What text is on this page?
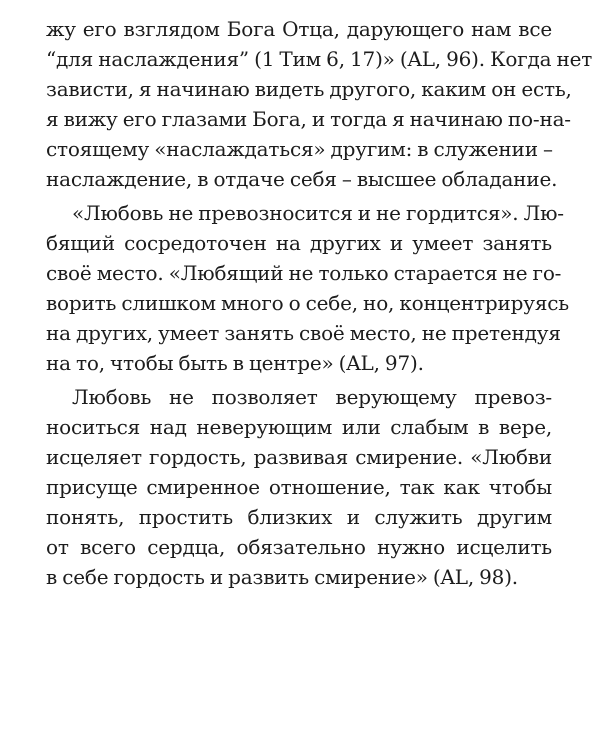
жу его взглядом Бога Отца, дарующего нам все
“для наслаждения” (1 Тим 6, 17)» (AL, 96). Когда нет
зависти, я начинаю видеть другого, каким он есть,
я вижу его глазами Бога, и тогда я начинаю по-на-
стоящему «наслаждаться» другим: в служении –
наслаждение, в отдаче себя – высшее обладание.
«Любовь не превозносится и не гордится». Лю-
бящий сосредоточен на других и умеет занять
своё место. «Любящий не только старается не го-
ворить слишком много о себе, но, концентрируясь
на других, умеет занять своё место, не претендуя
на то, чтобы быть в центре» (AL, 97).
Любовь не позволяет верующему превоз-
носиться над неверующим или слабым в вере,
исцеляет гордость, развивая смирение. «Любви
присуще смиренное отношение, так как чтобы
понять, простить близких и служить другим
от всего сердца, обязательно нужно исцелить
в себе гордость и развить смирение» (AL, 98).
